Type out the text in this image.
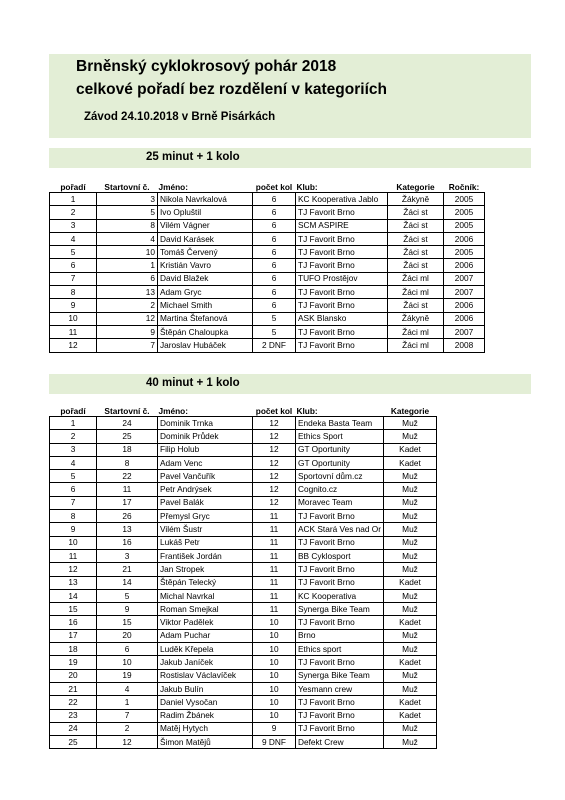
Brněnský cyklokrosový pohár 2018
celkové pořadí bez rozdělení v kategoriích
Závod 24.10.2018 v Brně Pisárkách
25 minut + 1 kolo
pořadí	Startovní č.	Jméno:	počet kol	Klub:	Kategorie	Ročník:
1	3	Nikola Navrkalová	6	KC Kooperativa Jablo	Žákyně	2005
2	5	Ivo Opluštil	6	TJ Favorit Brno	Žáci st	2005
3	8	Vilém Vágner	6	SCM ASPIRE	Žáci st	2005
4	4	David Karásek	6	TJ Favorit Brno	Žáci st	2006
5	10	Tomáš Červený	6	TJ Favorit Brno	Žáci st	2005
6	1	Kristián Vavro	6	TJ Favorit Brno	Žáci st	2006
7	6	David Blažek	6	TUFO Prostějov	Žáci ml	2007
8	13	Adam Gryc	6	TJ Favorit Brno	Žáci ml	2007
9	2	Michael Smith	6	TJ Favorit Brno	Žáci st	2006
10	12	Martina Štefanová	5	ASK Blansko	Žákyně	2006
11	9	Štěpán Chaloupka	5	TJ Favorit Brno	Žáci ml	2007
12	7	Jaroslav Hubáček	2 DNF	TJ Favorit Brno	Žáci ml	2008
40 minut + 1 kolo
pořadí	Startovní č.	Jméno:	počet kol	Klub:	Kategorie
1	24	Dominik Trnka	12	Endeka Basta Team	Muž
2	25	Dominik Průdek	12	Ethics Sport	Muž
3	18	Filip Holub	12	GT Oportunity	Kadet
4	8	Adam Venc	12	GT Oportunity	Kadet
5	22	Pavel Vančuřík	12	Sportovní dům.cz	Muž
6	11	Petr Andrýsek	12	Cognito.cz	Muž
7	17	Pavel Balák	12	Moravec Team	Muž
8	26	Přemysl Gryc	11	TJ Favorit Brno	Muž
9	13	Vilém Šustr	11	ACK Stará Ves nad Or	Muž
10	16	Lukáš Petr	11	TJ Favorit Brno	Muž
11	3	František Jordán	11	BB Cyklosport	Muž
12	21	Jan Stropek	11	TJ Favorit Brno	Muž
13	14	Štěpán Telecký	11	TJ Favorit Brno	Kadet
14	5	Michal Navrkal	11	KC Kooperativa	Muž
15	9	Roman Smejkal	11	Synerga Bike Team	Muž
16	15	Viktor Padělek	10	TJ Favorit Brno	Kadet
17	20	Adam Puchar	10	Brno	Muž
18	6	Luděk Křepela	10	Ethics sport	Muž
19	10	Jakub Janíček	10	TJ Favorit Brno	Kadet
20	19	Rostislav Václavíček	10	Synerga Bike Team	Muž
21	4	Jakub Bulín	10	Yesmann crew	Muž
22	1	Daniel Vysočan	10	TJ Favorit Brno	Kadet
23	7	Radim Žbánek	10	TJ Favorit Brno	Kadet
24	2	Matěj Hytych	9	TJ Favorit Brno	Muž
25	12	Šimon Matějů	9 DNF	Defekt Crew	Muž
